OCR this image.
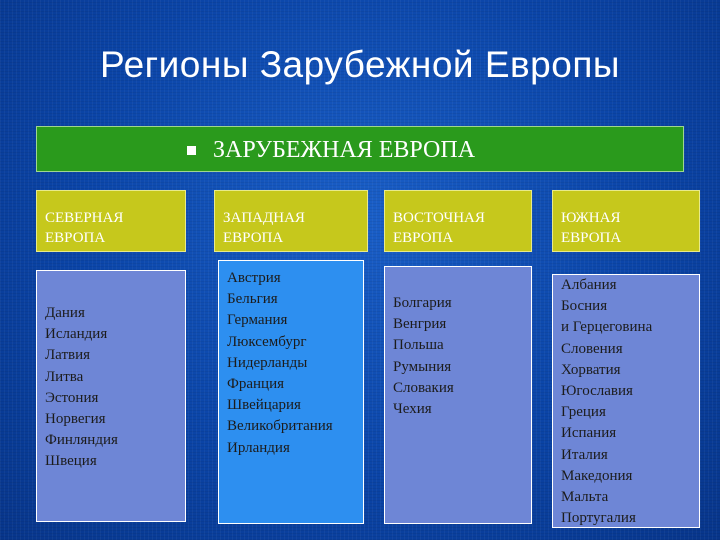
Регионы Зарубежной Европы
ЗАРУБЕЖНАЯ ЕВРОПА
СЕВЕРНАЯ
ЕВРОПА
ЗАПАДНАЯ
ЕВРОПА
ВОСТОЧНАЯ
ЕВРОПА
ЮЖНАЯ
ЕВРОПА
Дания
Исландия
Латвия
Литва
Эстония
Норвегия
Финляндия
Швеция
Австрия
Бельгия
Германия
Люксембург
Нидерланды
Франция
Швейцария
Великобритания
Ирландия
Болгария
Венгрия
Польша
Румыния
Словакия
Чехия
Албания
Босния
и Герцеговина
Словения
Хорватия
Югославия
Греция
Испания
Италия
Македония
Мальта
Португалия
